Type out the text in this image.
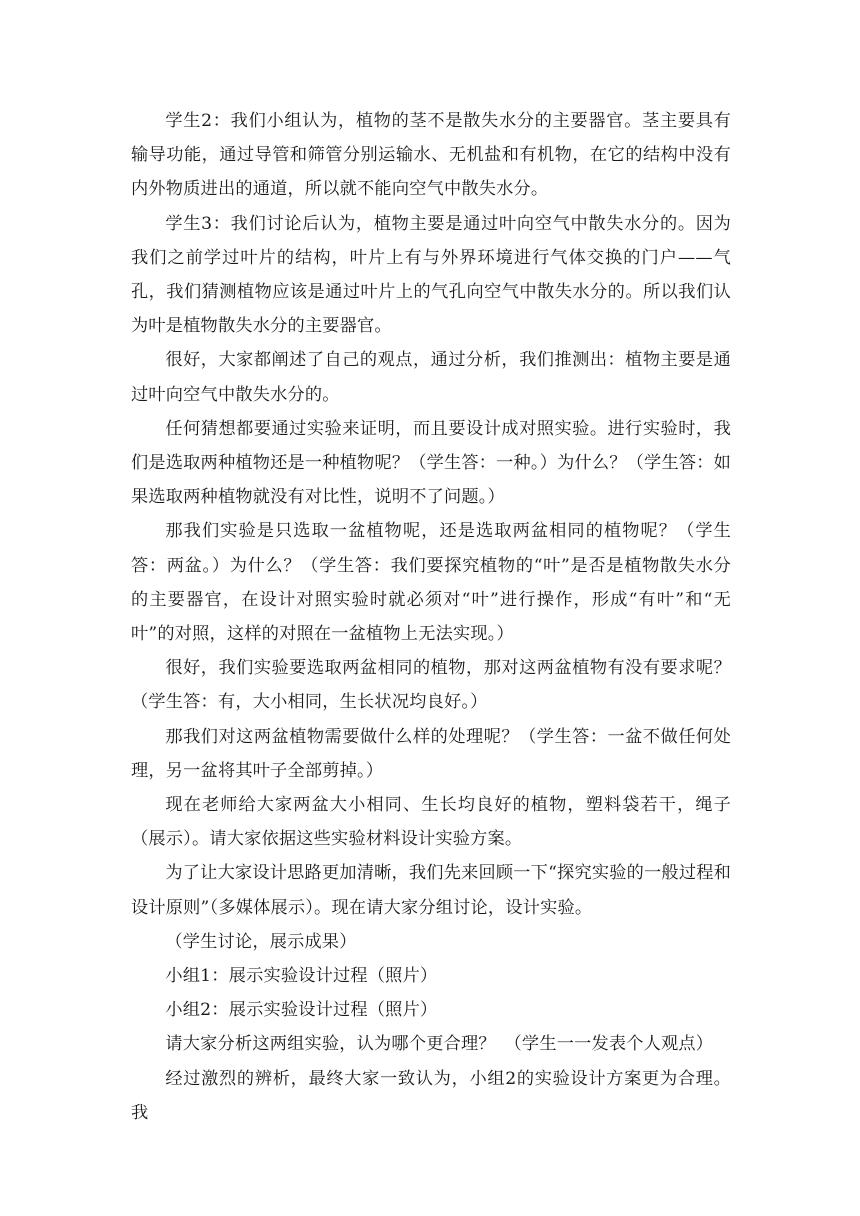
学生2：我们小组认为，植物的茎不是散失水分的主要器官。茎主要具有输导功能，通过导管和筛管分别运输水、无机盐和有机物，在它的结构中没有内外物质进出的通道，所以就不能向空气中散失水分。

学生3：我们讨论后认为，植物主要是通过叶向空气中散失水分的。因为我们之前学过叶片的结构，叶片上有与外界环境进行气体交换的门户——气孔，我们猜测植物应该是通过叶片上的气孔向空气中散失水分的。所以我们认为叶是植物散失水分的主要器官。

很好，大家都阐述了自己的观点，通过分析，我们推测出：植物主要是通过叶向空气中散失水分的。

任何猜想都要通过实验来证明，而且要设计成对照实验。进行实验时，我们是选取两种植物还是一种植物呢？（学生答：一种。）为什么？（学生答：如果选取两种植物就没有对比性，说明不了问题。）

那我们实验是只选取一盆植物呢，还是选取两盆相同的植物呢？（学生答：两盆。）为什么？（学生答：我们要探究植物的“叶”是否是植物散失水分的主要器官，在设计对照实验时就必须对“叶”进行操作，形成“有叶”和“无叶”的对照，这样的对照在一盆植物上无法实现。）

很好，我们实验要选取两盆相同的植物，那对这两盆植物有没有要求呢？（学生答：有，大小相同，生长状况均良好。）

那我们对这两盆植物需要做什么样的处理呢？（学生答：一盆不做任何处理，另一盆将其叶子全部剪掉。）

现在老师给大家两盆大小相同、生长均良好的植物，塑料袋若干，绳子（展示）。请大家依据这些实验材料设计实验方案。

为了让大家设计思路更加清晰，我们先来回顾一下“探究实验的一般过程和设计原则”（多媒体展示）。现在请大家分组讨论，设计实验。

（学生讨论，展示成果）

小组1：展示实验设计过程（照片）

小组2：展示实验设计过程（照片）

请大家分析这两组实验，认为哪个更合理？　（学生一一发表个人观点）

经过激烈的辨析，最终大家一致认为，小组2的实验设计方案更为合理。我
